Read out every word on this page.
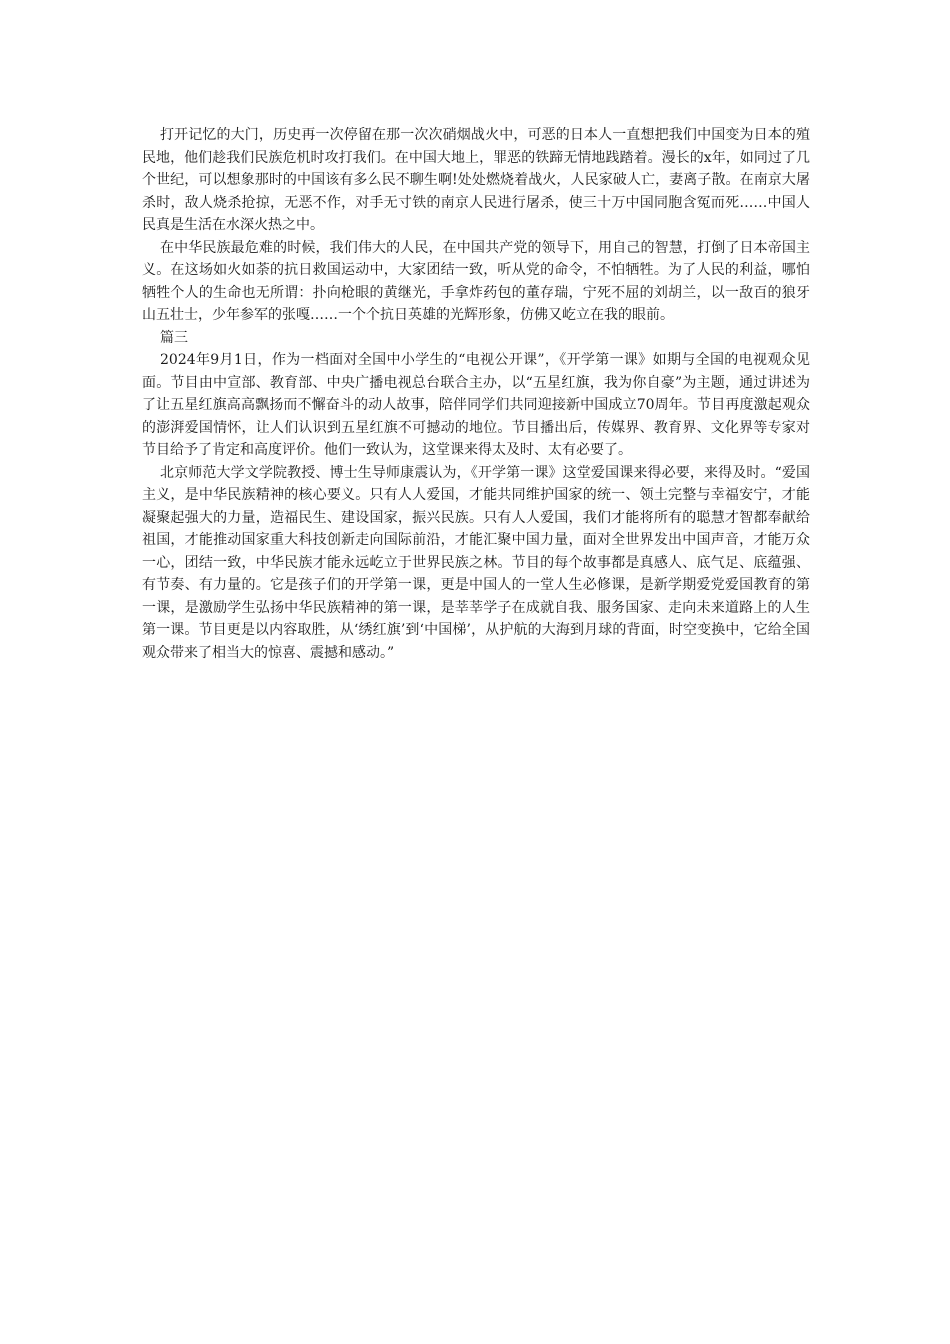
打开记忆的大门，历史再一次停留在那一次次硝烟战火中，可恶的日本人一直想把我们中国变为日本的殖民地，他们趁我们民族危机时攻打我们。在中国大地上，罪恶的铁蹄无情地践踏着。漫长的x年，如同过了几个世纪，可以想象那时的中国该有多么民不聊生啊!处处燃烧着战火，人民家破人亡，妻离子散。在南京大屠杀时，敌人烧杀抢掠，无恶不作，对手无寸铁的南京人民进行屠杀，使三十万中国同胞含冤而死……中国人民真是生活在水深火热之中。

在中华民族最危难的时候，我们伟大的人民，在中国共产党的领导下，用自己的智慧，打倒了日本帝国主义。在这场如火如荼的抗日救国运动中，大家团结一致，听从党的命令，不怕牺牲。为了人民的利益，哪怕牺牲个人的生命也无所谓：扑向枪眼的黄继光，手拿炸药包的董存瑞，宁死不屈的刘胡兰，以一敌百的狼牙山五壮士，少年参军的张嘎……一个个抗日英雄的光辉形象，仿佛又屹立在我的眼前。

篇三

2024年9月1日，作为一档面对全国中小学生的“电视公开课”，《开学第一课》如期与全国的电视观众见面。节目由中宣部、教育部、中央广播电视总台联合主办，以“五星红旗，我为你自豪”为主题，通过讲述为了让五星红旗高高飘扬而不懈奋斗的动人故事，陪伴同学们共同迎接新中国成立70周年。节目再度激起观众的澎湃爱国情怀，让人们认识到五星红旗不可撼动的地位。节目播出后，传媒界、教育界、文化界等专家对节目给予了肯定和高度评价。他们一致认为，这堂课来得太及时、太有必要了。

北京师范大学文学院教授、博士生导师康震认为，《开学第一课》这堂爱国课来得必要，来得及时。“爱国主义，是中华民族精神的核心要义。只有人人爱国，才能共同维护国家的统一、领土完整与幸福安宁，才能凝聚起强大的力量，造福民生、建设国家，振兴民族。只有人人爱国，我们才能将所有的聪慧才智都奉献给祖国，才能推动国家重大科技创新走向国际前沿，才能汇聚中国力量，面对全世界发出中国声音，才能万众一心，团结一致，中华民族才能永远屹立于世界民族之林。节目的每个故事都是真感人、底气足、底蕴强、有节奏、有力量的。它是孩子们的开学第一课，更是中国人的一堂人生必修课，是新学期爱党爱国教育的第一课，是激励学生弘扬中华民族精神的第一课，是莘莘学子在成就自我、服务国家、走向未来道路上的人生第一课。节目更是以内容取胜，从‘绣红旗’到‘中国梯’，从护航的大海到月球的背面，时空变换中，它给全国观众带来了相当大的惊喜、震撼和感动。”
